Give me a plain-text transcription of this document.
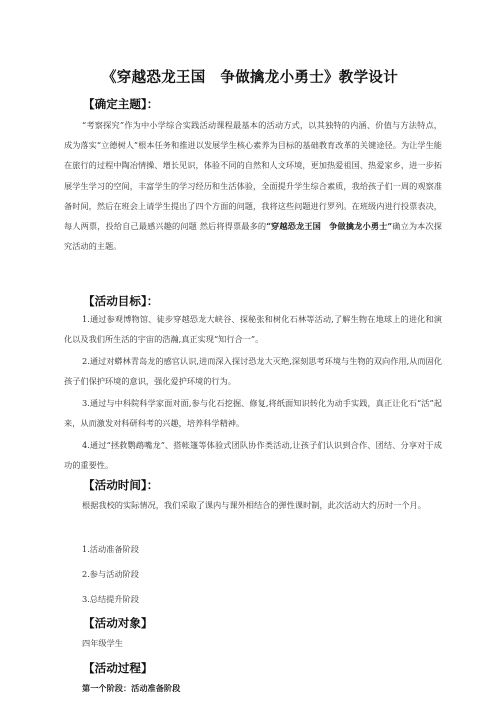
《穿越恐龙王国　争做擒龙小勇士》教学设计
【确定主题】：
“考察探究”作为中小学综合实践活动课程最基本的活动方式，以其独特的内涵、价值与方法特点，成为落实“立德树人”根本任务和推进以发展学生核心素养为目标的基础教育改革的关键途径。为让学生能在旅行的过程中陶冶情操、增长见识，体验不同的自然和人文环境，更加热爱祖国、热爱家乡，进一步拓展学生学习的空间，丰富学生的学习经历和生活体验，全面提升学生综合素质，我给孩子们一周的观察准备时间，然后在班会上请学生提出了四个方面的问题，我将这些问题进行罗列。在班级内进行投票表决，每人两票，投给自己最感兴趣的问题 然后将得票最多的“穿越恐龙王国　争做擒龙小勇士”确立为本次探究活动的主题。
【活动目标】：
1.通过参观博物馆、徒步穿越恐龙大峡谷、探秘张和树化石林等活动,了解生物在地球上的进化和演化以及我们所生活的宇宙的浩瀚,真正实现“知行合一”。
2.通过对蟒林青岛龙的感官认识,进而深入探讨恐龙大灭绝,深刻思考环境与生物的双向作用,从而固化孩子们保护环境的意识，强化爱护环境的行为。
3.通过与中科院科学家面对面,参与化石挖掘、修复,将纸面知识转化为动手实践，真正让化石“活”起来，从而激发对科研科考的兴趣，培养科学精神。
4.通过“拯救鹦鹉嘴龙”、搭帐篷等体验式团队协作类活动,让孩子们认识到合作、团结、分享对于成功的重要性。
【活动时间】：
根据我校的实际情况，我们采取了课内与课外相结合的弹性课时制，此次活动大约历时一个月。
1.活动准备阶段
2.参与活动阶段
3.总结提升阶段
【活动对象】
四年级学生
【活动过程】
第一个阶段：活动准备阶段
